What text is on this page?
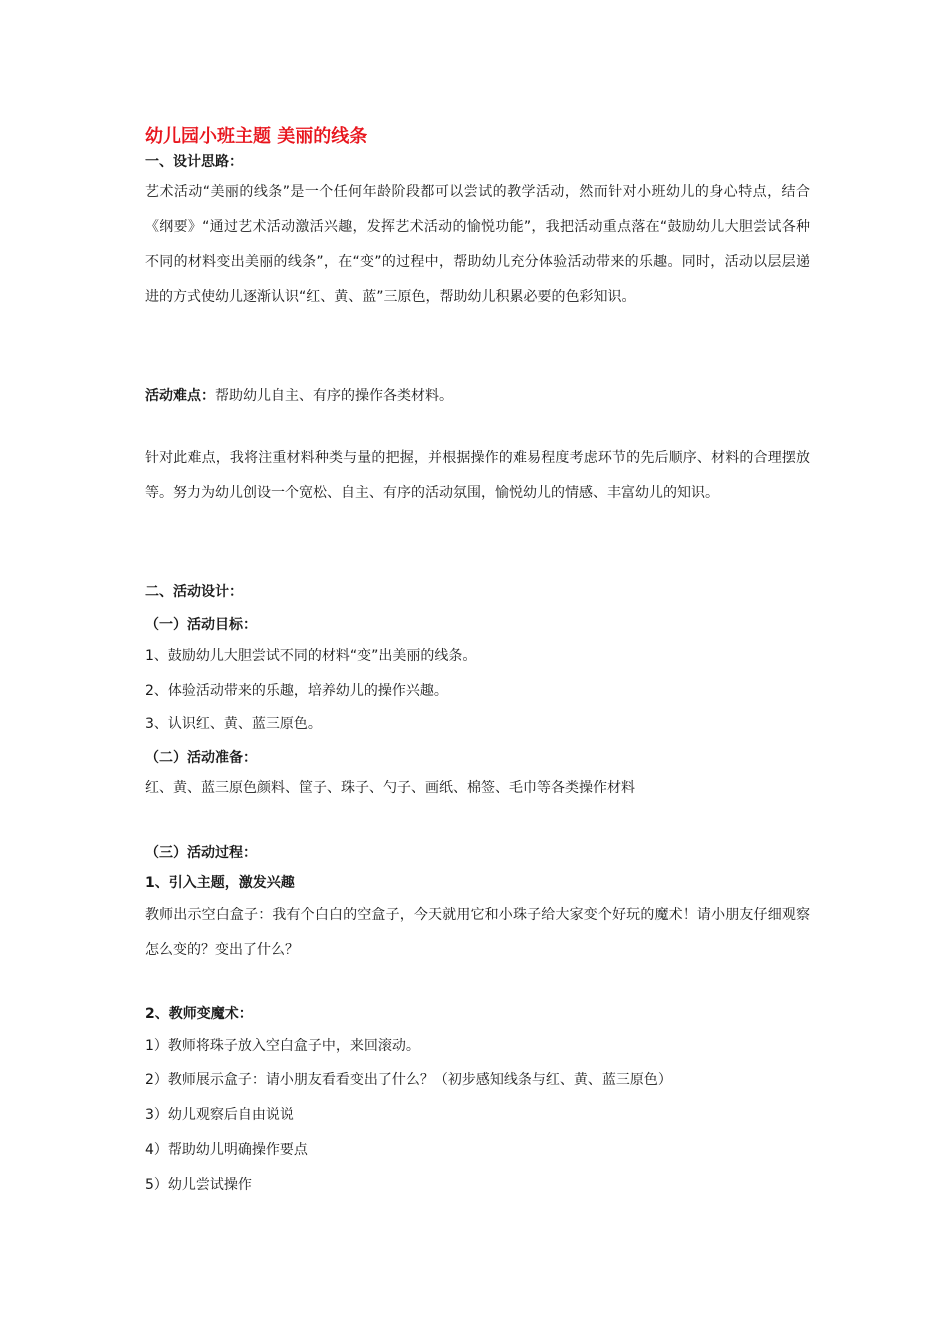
幼儿园小班主题 美丽的线条
一、设计思路：
艺术活动“美丽的线条”是一个任何年龄阶段都可以尝试的教学活动，然而针对小班幼儿的身心特点，结合《纲要》“通过艺术活动激活兴趣，发挥艺术活动的愉悦功能”，我把活动重点落在“鼓励幼儿大胆尝试各种不同的材料变出美丽的线条”，在“变”的过程中，帮助幼儿充分体验活动带来的乐趣。同时，活动以层层递进的方式使幼儿逐渐认识“红、黄、蓝”三原色，帮助幼儿积累必要的色彩知识。
活动难点：帮助幼儿自主、有序的操作各类材料。
针对此难点，我将注重材料种类与量的把握，并根据操作的难易程度考虑环节的先后顺序、材料的合理摆放等。努力为幼儿创设一个宽松、自主、有序的活动氛围，愉悦幼儿的情感、丰富幼儿的知识。
二、活动设计：
（一）活动目标：
1、鼓励幼儿大胆尝试不同的材料“变”出美丽的线条。
2、体验活动带来的乐趣，培养幼儿的操作兴趣。
3、认识红、黄、蓝三原色。
（二）活动准备：
红、黄、蓝三原色颜料、筐子、珠子、勺子、画纸、棉签、毛巾等各类操作材料
（三）活动过程：
1、引入主题，激发兴趣
教师出示空白盒子：我有个白白的空盒子，今天就用它和小珠子给大家变个好玩的魔术！请小朋友仔细观察怎么变的？变出了什么？
2、教师变魔术：
1）教师将珠子放入空白盒子中，来回滚动。
2）教师展示盒子：请小朋友看看变出了什么？（初步感知线条与红、黄、蓝三原色）
3）幼儿观察后自由说说
4）帮助幼儿明确操作要点
5）幼儿尝试操作
